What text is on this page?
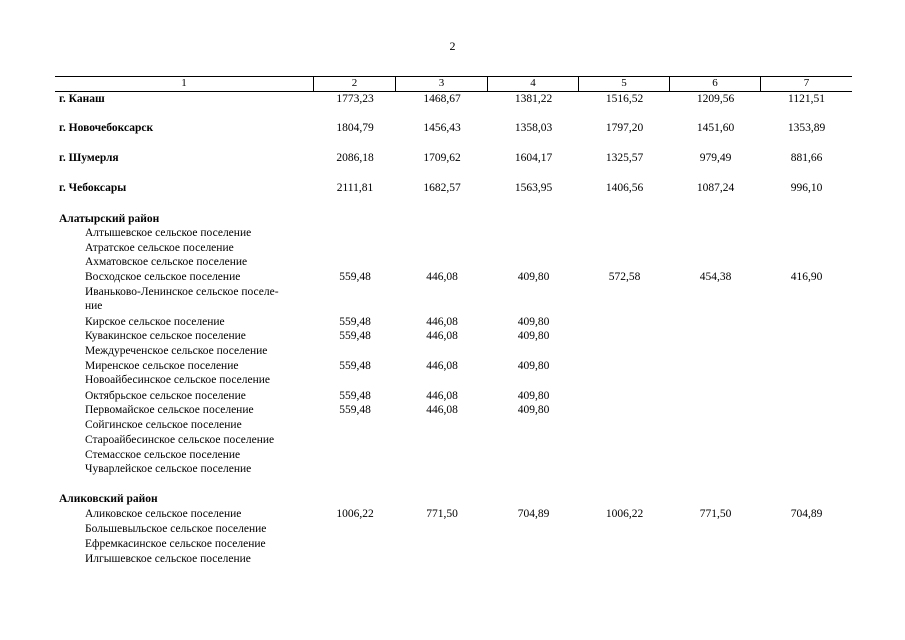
2
1	2	3	4	5	6	7
г. Канаш	1773,23	1468,67	1381,22	1516,52	1209,56	1121,51
г. Новочебоксарск	1804,79	1456,43	1358,03	1797,20	1451,60	1353,89
г. Шумерля	2086,18	1709,62	1604,17	1325,57	979,49	881,66
г. Чебоксары	2111,81	1682,57	1563,95	1406,56	1087,24	996,10
Алатырский район
Алтышевское сельское поселение
Атратское сельское поселение
Ахматовское сельское поселение
Восходское сельское поселение	559,48	446,08	409,80	572,58	454,38	416,90
Иваньково-Ленинское сельское поселе-
ние
Кирское сельское поселение	559,48	446,08	409,80
Кувакинское сельское поселение	559,48	446,08	409,80
Междуреченское сельское поселение
Миренское сельское поселение	559,48	446,08	409,80
Новоайбесинское сельское поселение
Октябрьское сельское поселение	559,48	446,08	409,80
Первомайское сельское поселение	559,48	446,08	409,80
Сойгинское сельское поселение
Староайбесинское сельское поселение
Стемасское сельское поселение
Чуварлейское сельское поселение
Аликовский район
Аликовское сельское поселение	1006,22	771,50	704,89	1006,22	771,50	704,89
Большевыльское сельское поселение
Ефремкасинское сельское поселение
Илгышевское сельское поселение
